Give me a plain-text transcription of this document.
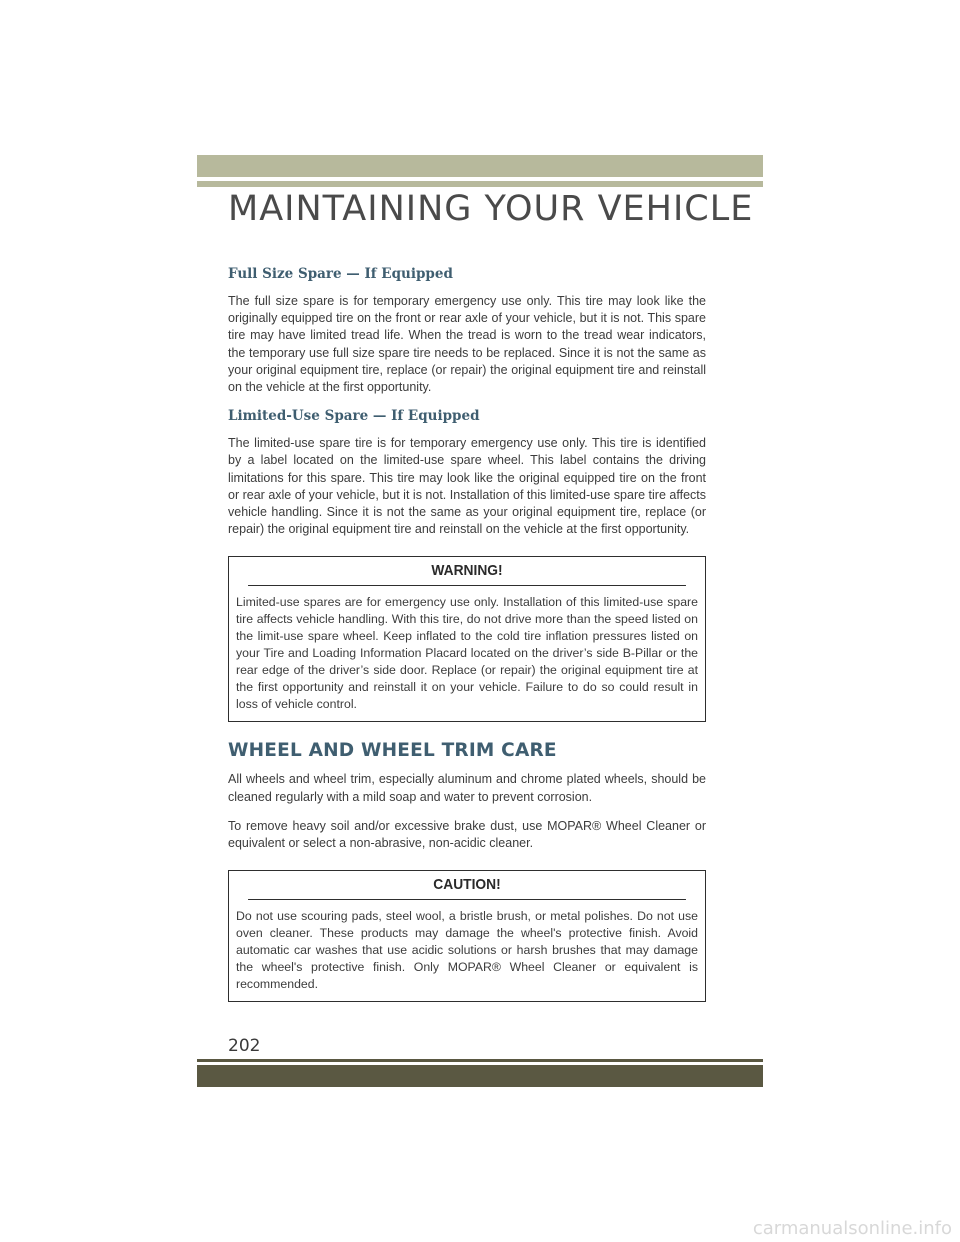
MAINTAINING YOUR VEHICLE
Full Size Spare — If Equipped

The full size spare is for temporary emergency use only. This tire may look like the originally equipped tire on the front or rear axle of your vehicle, but it is not. This spare tire may have limited tread life. When the tread is worn to the tread wear indicators, the temporary use full size spare tire needs to be replaced. Since it is not the same as your original equipment tire, replace (or repair) the original equipment tire and reinstall on the vehicle at the first opportunity.

Limited-Use Spare — If Equipped

The limited-use spare tire is for temporary emergency use only. This tire is identified by a label located on the limited-use spare wheel. This label contains the driving limitations for this spare. This tire may look like the original equipped tire on the front or rear axle of your vehicle, but it is not. Installation of this limited-use spare tire affects vehicle handling. Since it is not the same as your original equipment tire, replace (or repair) the original equipment tire and reinstall on the vehicle at the first opportunity.

WARNING!
Limited-use spares are for emergency use only. Installation of this limited-use spare tire affects vehicle handling. With this tire, do not drive more than the speed listed on the limit-use spare wheel. Keep inflated to the cold tire inflation pressures listed on your Tire and Loading Information Placard located on the driver’s side B-Pillar or the rear edge of the driver’s side door. Replace (or repair) the original equipment tire at the first opportunity and reinstall it on your vehicle. Failure to do so could result in loss of vehicle control.
WHEEL AND WHEEL TRIM CARE

All wheels and wheel trim, especially aluminum and chrome plated wheels, should be cleaned regularly with a mild soap and water to prevent corrosion.

To remove heavy soil and/or excessive brake dust, use MOPAR® Wheel Cleaner or equivalent or select a non-abrasive, non-acidic cleaner.

CAUTION!
Do not use scouring pads, steel wool, a bristle brush, or metal polishes. Do not use oven cleaner. These products may damage the wheel's protective finish. Avoid automatic car washes that use acidic solutions or harsh brushes that may damage the wheel's protective finish. Only MOPAR® Wheel Cleaner or equivalent is recommended.
202
carmanualsonline.info
